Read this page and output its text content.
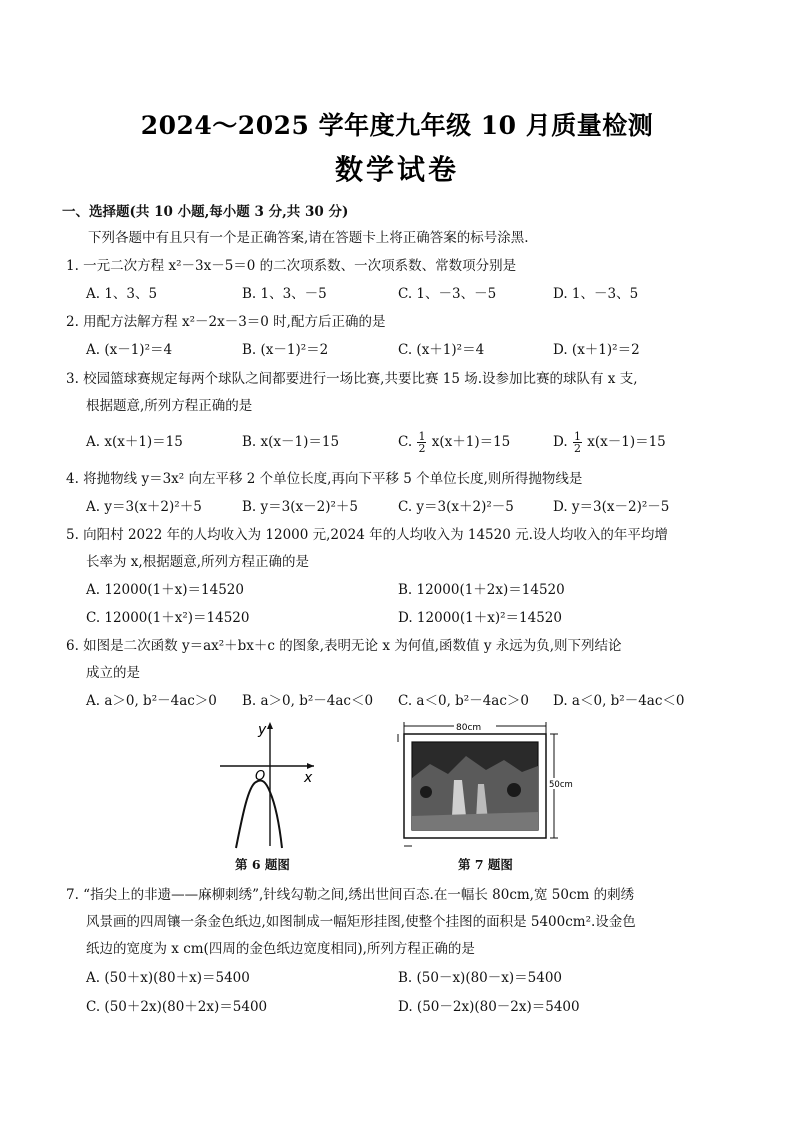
2024～2025 学年度九年级 10 月质量检测
数学试卷
一、选择题(共 10 小题,每小题 3 分,共 30 分)
下列各题中有且只有一个是正确答案,请在答题卡上将正确答案的标号涂黑.
1. 一元二次方程 x²－3x－5＝0 的二次项系数、一次项系数、常数项分别是
A. 1、3、5	B. 1、3、－5	C. 1、－3、－5	D. 1、－3、5
2. 用配方法解方程 x²－2x－3＝0 时,配方后正确的是
A. (x－1)²＝4	B. (x－1)²＝2	C. (x＋1)²＝4	D. (x＋1)²＝2
3. 校园篮球赛规定每两个球队之间都要进行一场比赛,共要比赛 15 场.设参加比赛的球队有 x 支,
根据题意,所列方程正确的是
A. x(x＋1)＝15	B. x(x－1)＝15	C. $\frac{1}{2} x(x+1)=15$	D. $\frac{1}{2} x(x-1)=15$
4. 将抛物线 y＝3x² 向左平移 2 个单位长度,再向下平移 5 个单位长度,则所得抛物线是
A. y＝3(x＋2)²＋5	B. y＝3(x－2)²＋5	C. y＝3(x＋2)²－5	D. y＝3(x－2)²－5
5. 向阳村 2022 年的人均收入为 12000 元,2024 年的人均收入为 14520 元.设人均收入的年平均增
长率为 x,根据题意,所列方程正确的是
A. 12000(1＋x)＝14520	B. 12000(1＋2x)＝14520
C. 12000(1＋x²)＝14520	D. 12000(1＋x)²＝14520
6. 如图是二次函数 y＝ax²＋bx＋c 的图象,表明无论 x 为何值,函数值 y 永远为负,则下列结论
成立的是
A. a＞0, b²－4ac＞0 B. a＞0, b²－4ac＜0 C. a＜0, b²－4ac＞0 D. a＜0, b²－4ac＜0
y
x
O
第 6 题图
80cm
50cm
第 7 题图
7. “指尖上的非遗——麻柳刺绣”,针线勾勒之间,绣出世间百态.在一幅长 80cm,宽 50cm 的刺绣
风景画的四周镶一条金色纸边,如图制成一幅矩形挂图,使整个挂图的面积是 5400cm².设金色
纸边的宽度为 x cm(四周的金色纸边宽度相同),所列方程正确的是
A. (50＋x)(80＋x)＝5400	B. (50－x)(80－x)＝5400
C. (50＋2x)(80＋2x)＝5400	D. (50－2x)(80－2x)＝5400
